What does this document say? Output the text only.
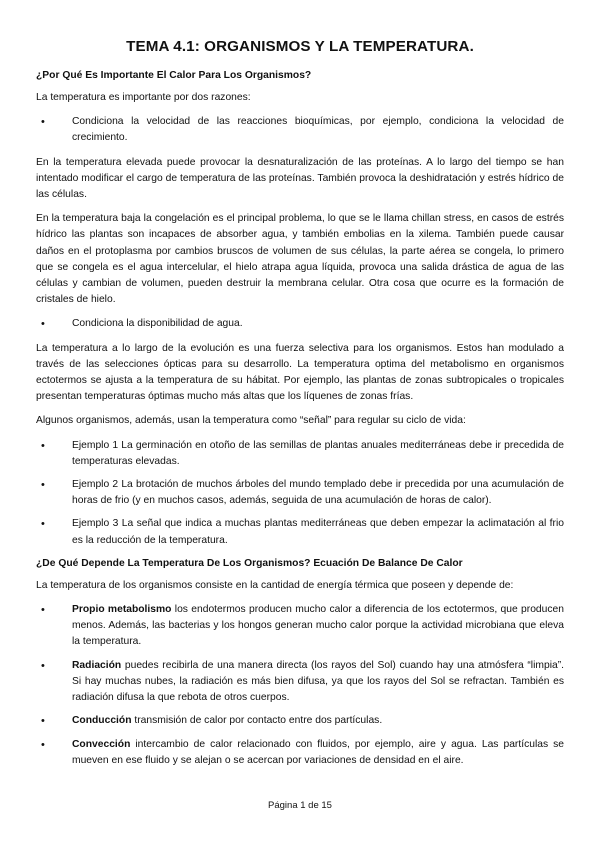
TEMA 4.1: ORGANISMOS Y LA TEMPERATURA.
¿Por Qué Es Importante El Calor Para Los Organismos?

La temperatura es importante por dos razones:

•	Condiciona la velocidad de las reacciones bioquímicas, por ejemplo, condiciona la velocidad de crecimiento.

En la temperatura elevada puede provocar la desnaturalización de las proteínas. A lo largo del tiempo se han intentado modificar el cargo de temperatura de las proteínas. También provoca la deshidratación y estrés hídrico de las células.

En la temperatura baja la congelación es el principal problema, lo que se le llama chillan stress, en casos de estrés hídrico las plantas son incapaces de absorber agua, y también embolias en la xilema. También puede causar daños en el protoplasma por cambios bruscos de volumen de sus células, la parte aérea se congela, lo primero que se congela es el agua intercelular, el hielo atrapa agua líquida, provoca una salida drástica de agua de las células y cambian de volumen, pueden destruir la membrana celular. Otra cosa que ocurre es la formación de cristales de hielo.

•	Condiciona la disponibilidad de agua.

La temperatura a lo largo de la evolución es una fuerza selectiva para los organismos. Estos han modulado a través de las selecciones ópticas para su desarrollo. La temperatura optima del metabolismo en organismos ectotermos se ajusta a la temperatura de su hábitat. Por ejemplo, las plantas de zonas subtropicales o tropicales presentan temperaturas óptimas mucho más altas que los líquenes de zonas frías.

Algunos organismos, además, usan la temperatura como “señal” para regular su ciclo de vida:

•	Ejemplo 1 La germinación en otoño de las semillas de plantas anuales mediterráneas debe ir precedida de temperaturas elevadas.
•	Ejemplo 2 La brotación de muchos árboles del mundo templado debe ir precedida por una acumulación de horas de frio (y en muchos casos, además, seguida de una acumulación de horas de calor).
•	Ejemplo 3 La señal que indica a muchas plantas mediterráneas que deben empezar la aclimatación al frio es la reducción de la temperatura.
¿De Qué Depende La Temperatura De Los Organismos? Ecuación De Balance De Calor

La temperatura de los organismos consiste en la cantidad de energía térmica que poseen y depende de:

•	Propio metabolismo los endotermos producen mucho calor a diferencia de los ectotermos, que producen menos. Además, las bacterias y los hongos generan mucho calor porque la actividad microbiana que eleva la temperatura.
•	Radiación puedes recibirla de una manera directa (los rayos del Sol) cuando hay una atmósfera “limpia”. Si hay muchas nubes, la radiación es más bien difusa, ya que los rayos del Sol se refractan. También es radiación difusa la que rebota de otros cuerpos.
•	Conducción transmisión de calor por contacto entre dos partículas.
•	Convección intercambio de calor relacionado con fluidos, por ejemplo, aire y agua. Las partículas se mueven en ese fluido y se alejan o se acercan por variaciones de densidad en el aire.
Página 1 de 15
